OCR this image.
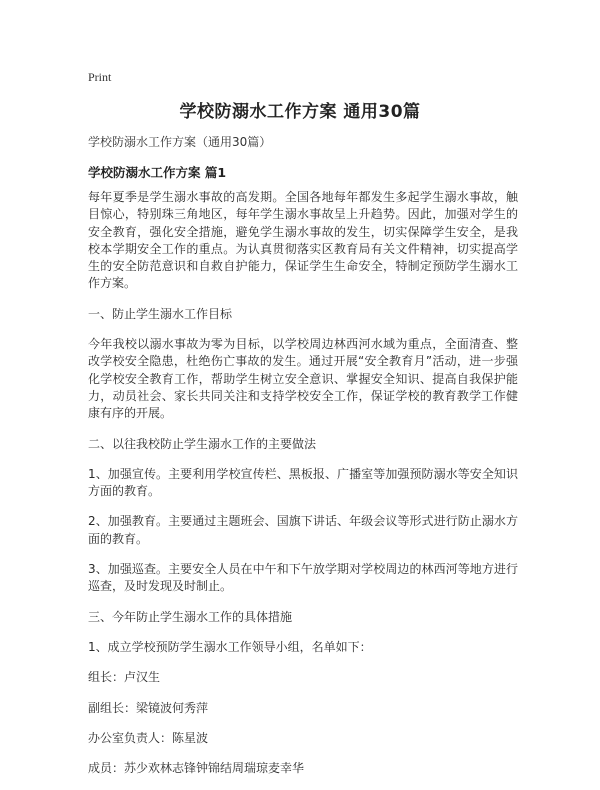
Print
学校防溺水工作方案 通用30篇

学校防溺水工作方案（通用30篇）

学校防溺水工作方案 篇1

每年夏季是学生溺水事故的高发期。全国各地每年都发生多起学生溺水事故，触目惊心，特别珠三角地区，每年学生溺水事故呈上升趋势。因此，加强对学生的安全教育，强化安全措施，避免学生溺水事故的发生，切实保障学生安全，是我校本学期安全工作的重点。为认真贯彻落实区教育局有关文件精神，切实提高学生的安全防范意识和自救自护能力，保证学生生命安全，特制定预防学生溺水工作方案。

一、防止学生溺水工作目标

今年我校以溺水事故为零为目标，以学校周边林西河水域为重点，全面清查、整改学校安全隐患，杜绝伤亡事故的发生。通过开展“安全教育月”活动，进一步强化学校安全教育工作，帮助学生树立安全意识、掌握安全知识、提高自我保护能力，动员社会、家长共同关注和支持学校安全工作，保证学校的教育教学工作健康有序的开展。

二、以往我校防止学生溺水工作的主要做法

1、加强宣传。主要利用学校宣传栏、黑板报、广播室等加强预防溺水等安全知识方面的教育。

2、加强教育。主要通过主题班会、国旗下讲话、年级会议等形式进行防止溺水方面的教育。

3、加强巡查。主要安全人员在中午和下午放学期对学校周边的林西河等地方进行巡查，及时发现及时制止。

三、今年防止学生溺水工作的具体措施

1、成立学校预防学生溺水工作领导小组，名单如下：

组长：卢汉生

副组长：梁镜波何秀萍

办公室负责人：陈星波

成员：苏少欢林志锋钟锦结周瑞琼麦幸华
